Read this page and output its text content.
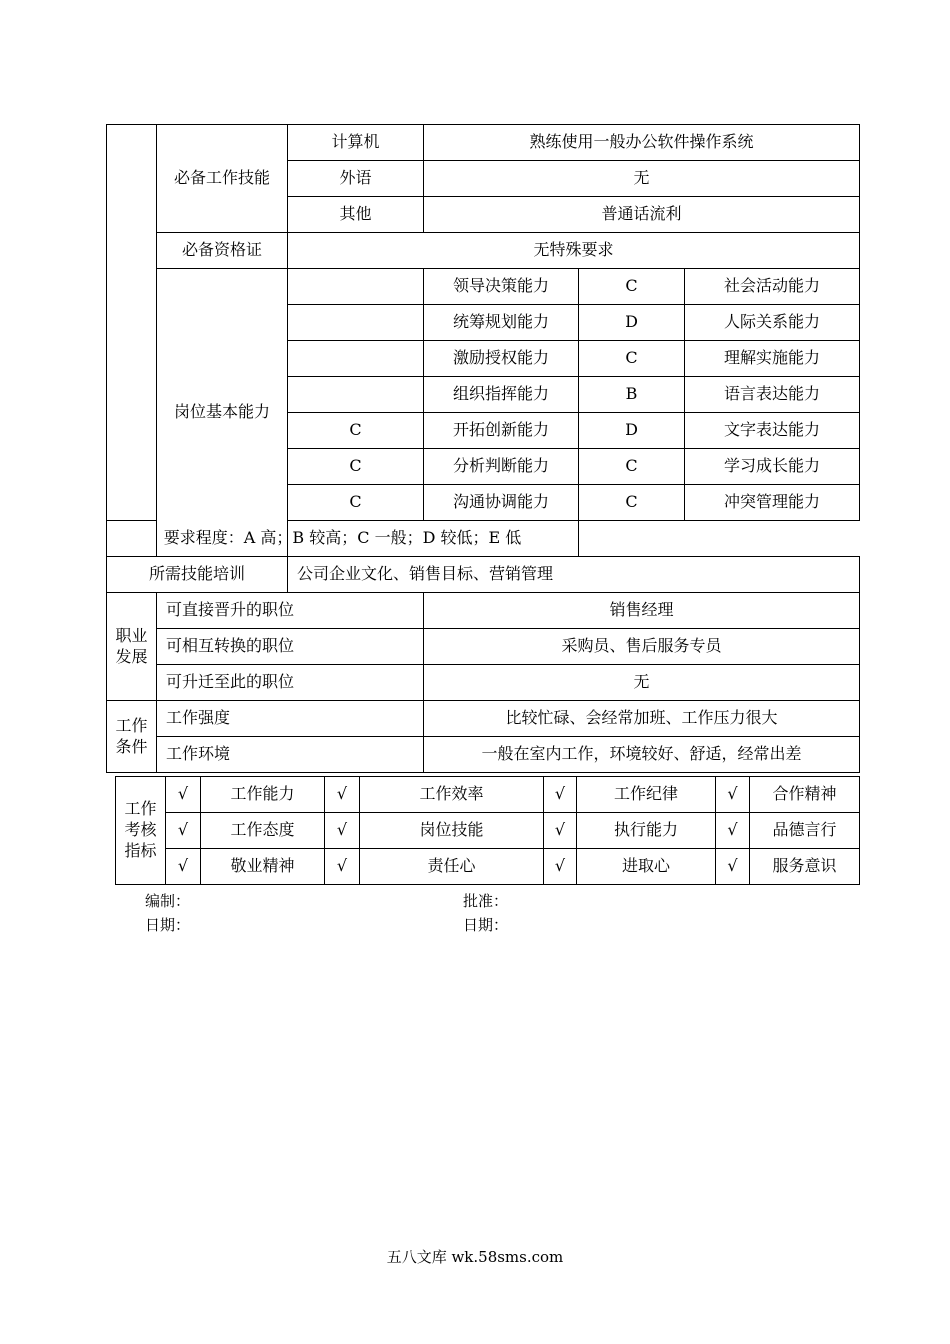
	必备工作技能	计算机	熟练使用一般办公软件操作系统		
		外语	无		
		其他	普通话流利		
	必备资格证	无特殊要求			
	岗位基本能力		领导决策能力	C	社会活动能力
			统筹规划能力	D	人际关系能力
			激励授权能力	C	理解实施能力
			组织指挥能力	B	语言表达能力
		C	开拓创新能力	D	文字表达能力
		C	分析判断能力	C	学习成长能力
		C	沟通协调能力	C	冲突管理能力
要求程度：A 高；B 较高；C 一般；D 较低；E 低					
所需技能培训		公司企业文化、销售目标、营销管理			
职业
发展	可直接晋升的职位		销售经理		
	可相互转换的职位		采购员、售后服务专员		
	可升迁至此的职位		无		
工作
条件	工作强度		比较忙碌、会经常加班、工作压力很大		
	工作环境		一般在室内工作，环境较好、舒适，经常出差		
工作
考核
指标	√	工作能力	√	工作效率	√	工作纪律	√	合作精神
	√	工作态度	√	岗位技能	√	执行能力	√	品德言行
	√	敬业精神	√	责任心	√	进取心	√	服务意识
编制：	批准：
日期：	日期：
五八文库 wk.58sms.com
